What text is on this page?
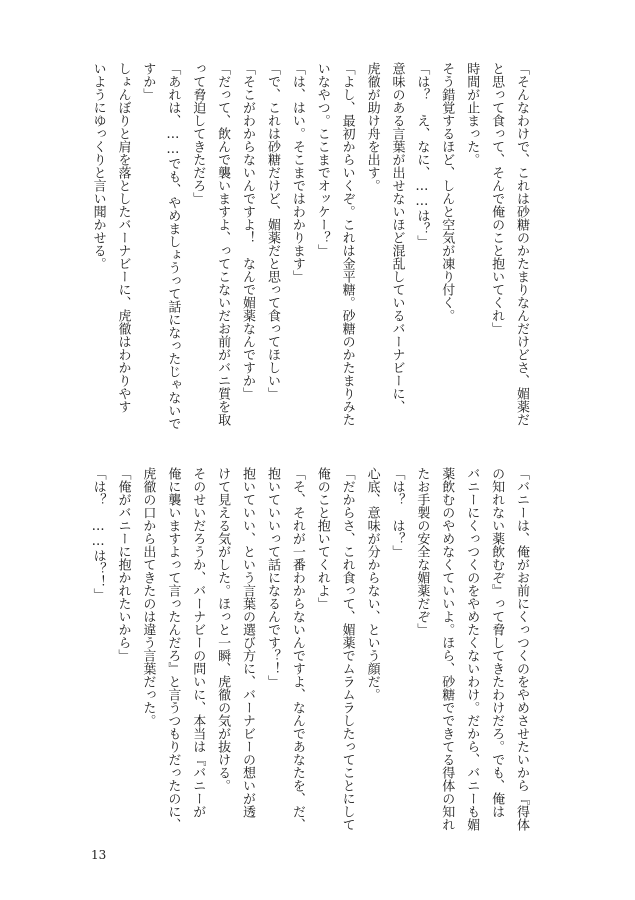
「そんなわけで、これは砂糖のかたまりなんだけどさ、媚薬だ
と思って食って、そんで俺のこと抱いてくれ」
時間が止まった。
そう錯覚するほど、しんと空気が凍り付く。
「は？　え、なに、……は？」
意味のある言葉が出せないほど混乱しているバーナビーに、
虎徹が助け舟を出す。
「よし、最初からいくぞ。これは金平糖。砂糖のかたまりみた
いなやつ。ここまでオッケー？」
「は、はい。そこまではわかります」
「で、これは砂糖だけど、媚薬だと思って食ってほしい」
「そこがわからないんですよ！　なんで媚薬なんですか」
「だって、飲んで襲いますよ、ってこないだお前がバニ質を取
って脅迫してきただろ」
「あれは、……でも、やめましょうって話になったじゃないで
すか」
しょんぼりと肩を落としたバーナビーに、虎徹はわかりやす
いようにゆっくりと言い聞かせる。
「バニーは、俺がお前にくっつくのをやめさせたいから『得体
の知れない薬飲むぞ』って脅してきたわけだろ。でも、俺は
バニーにくっつくのをやめたくないわけ。だから、バニーも媚
薬飲むのやめなくていいよ。ほら、砂糖でできてる得体の知れ
たお手製の安全な媚薬だぞ」
「は？　は？」
心底、意味が分からない、という顔だ。
「だからさ、これ食って、媚薬でムラムラしたってことにして
俺のこと抱いてくれよ」
「そ、それが一番わからないんですよ、なんであなたを、だ、
抱いていいって話になるんです？！」
抱いていい、という言葉の選び方に、バーナビーの想いが透
けて見える気がした。ほっと一瞬、虎徹の気が抜ける。
そのせいだろうか、バーナビーの問いに、本当は『バニーが
俺に襲いますよって言ったんだろ』と言うつもりだったのに、
虎徹の口から出てきたのは違う言葉だった。
「俺がバニーに抱かれたいから」
「は？　……は？！」
13
